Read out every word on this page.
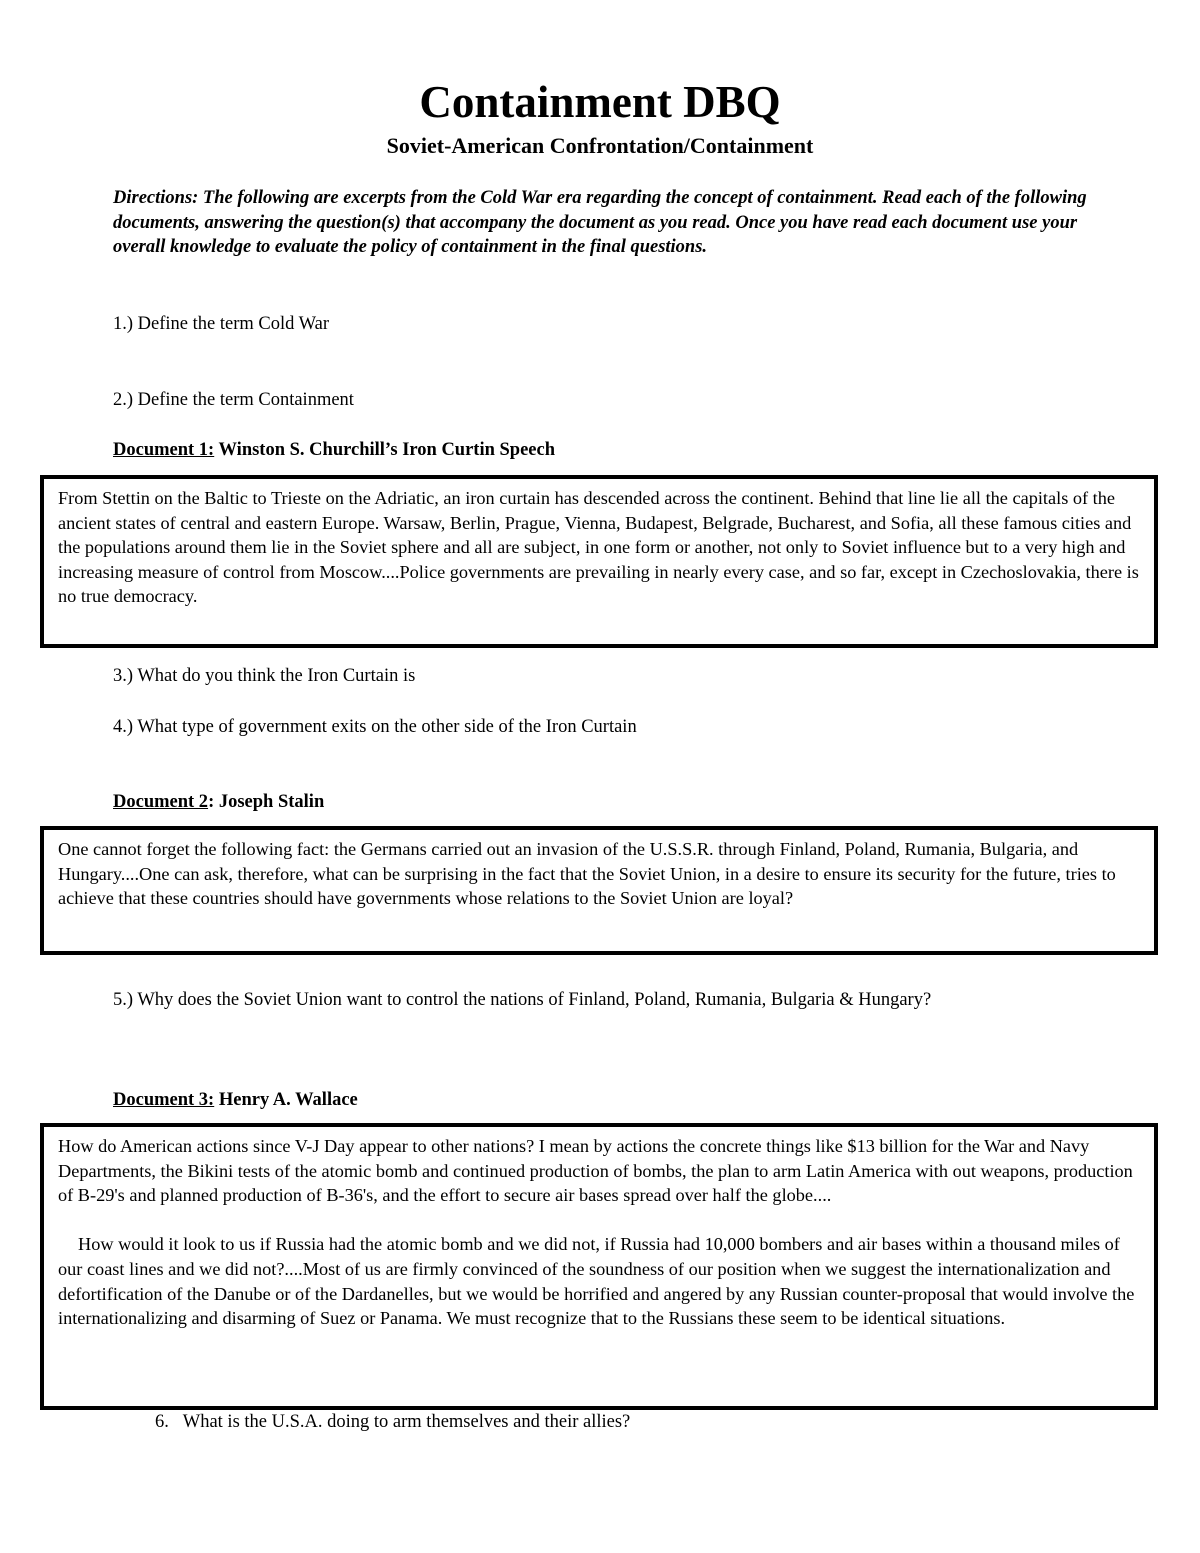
Containment DBQ
Soviet-American Confrontation/Containment

Directions: The following are excerpts from the Cold War era regarding the concept of containment. Read each of the following documents, answering the question(s) that accompany the document as you read. Once you have read each document use your overall knowledge to evaluate the policy of containment in the final questions.

1.) Define the term Cold War

2.) Define the term Containment

Document 1: Winston S. Churchill’s Iron Curtin Speech

From Stettin on the Baltic to Trieste on the Adriatic, an iron curtain has descended across the continent. Behind that line lie all the capitals of the ancient states of central and eastern Europe. Warsaw, Berlin, Prague, Vienna, Budapest, Belgrade, Bucharest, and Sofia, all these famous cities and the populations around them lie in the Soviet sphere and all are subject, in one form or another, not only to Soviet influence but to a very high and increasing measure of control from Moscow....Police governments are prevailing in nearly every case, and so far, except in Czechoslovakia, there is no true democracy.

3.) What do you think the Iron Curtain is

4.) What type of government exits on the other side of the Iron Curtain

Document 2: Joseph Stalin

One cannot forget the following fact: the Germans carried out an invasion of the U.S.S.R. through Finland, Poland, Rumania, Bulgaria, and Hungary....One can ask, therefore, what can be surprising in the fact that the Soviet Union, in a desire to ensure its security for the future, tries to achieve that these countries should have governments whose relations to the Soviet Union are loyal?

5.) Why does the Soviet Union want to control the nations of Finland, Poland, Rumania, Bulgaria & Hungary?

Document 3: Henry A. Wallace

How do American actions since V-J Day appear to other nations? I mean by actions the concrete things like $13 billion for the War and Navy Departments, the Bikini tests of the atomic bomb and continued production of bombs, the plan to arm Latin America with out weapons, production of B-29's and planned production of B-36's, and the effort to secure air bases spread over half the globe....

How would it look to us if Russia had the atomic bomb and we did not, if Russia had 10,000 bombers and air bases within a thousand miles of our coast lines and we did not?....Most of us are firmly convinced of the soundness of our position when we suggest the internationalization and defortification of the Danube or of the Dardanelles, but we would be horrified and angered by any Russian counter-proposal that would involve the internationalizing and disarming of Suez or Panama. We must recognize that to the Russians these seem to be identical situations.

6.   What is the U.S.A. doing to arm themselves and their allies?
